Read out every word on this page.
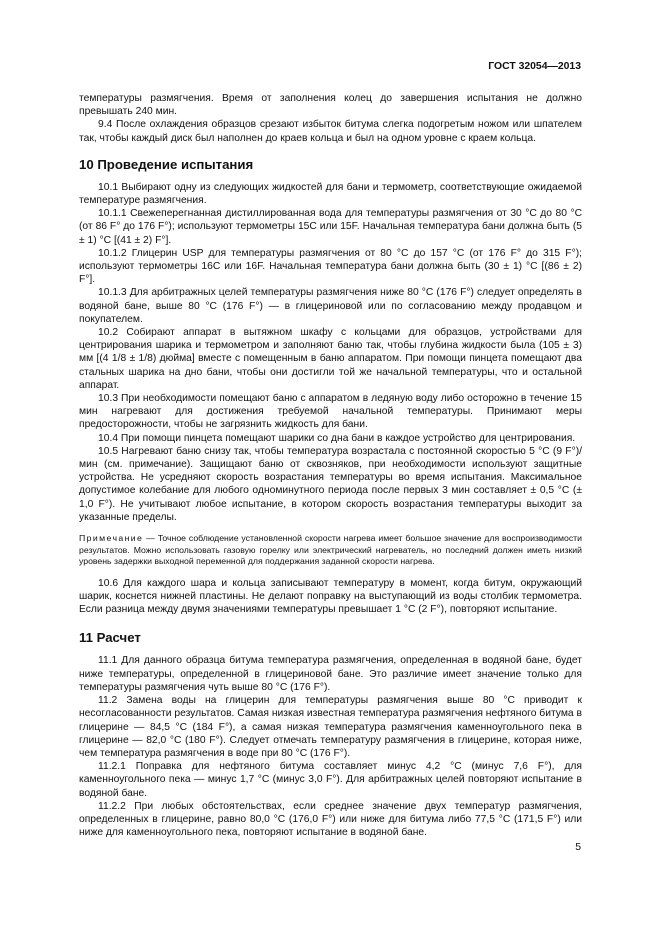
ГОСТ 32054—2013

температуры размягчения. Время от заполнения колец до завершения испытания не должно превышать 240 мин.

9.4 После охлаждения образцов срезают избыток битума слегка подогретым ножом или шпателем так, чтобы каждый диск был наполнен до краев кольца и был на одном уровне с краем кольца.

10 Проведение испытания

10.1 Выбирают одну из следующих жидкостей для бани и термометр, соответствующие ожидаемой температуре размягчения.

10.1.1 Свежеперегнанная дистиллированная вода для температуры размягчения от 30 °С до 80 °С (от 86 F° до 176 F°); используют термометры 15С или 15F. Начальная температура бани должна быть (5 ± 1) °С [(41 ± 2) F°].

10.1.2 Глицерин USP для температуры размягчения от 80 °С до 157 °С (от 176 F° до 315 F°); используют термометры 16С или 16F. Начальная температура бани должна быть (30 ± 1) °С [(86 ± 2) F°].

10.1.3 Для арбитражных целей температуры размягчения ниже 80 °С (176 F°) следует определять в водяной бане, выше 80 °С (176 F°) — в глицериновой или по согласованию между продавцом и покупателем.

10.2 Собирают аппарат в вытяжном шкафу с кольцами для образцов, устройствами для центрирования шарика и термометром и заполняют баню так, чтобы глубина жидкости была (105 ± 3) мм [(4 1/8 ± 1/8) дюйма] вместе с помещенным в баню аппаратом. При помощи пинцета помещают два стальных шарика на дно бани, чтобы они достигли той же начальной температуры, что и остальной аппарат.

10.3 При необходимости помещают баню с аппаратом в ледяную воду либо осторожно в течение 15 мин нагревают для достижения требуемой начальной температуры. Принимают меры предосторожности, чтобы не загрязнить жидкость для бани.

10.4 При помощи пинцета помещают шарики со дна бани в каждое устройство для центрирования.

10.5 Нагревают баню снизу так, чтобы температура возрастала с постоянной скоростью 5 °С (9 F°)/мин (см. примечание). Защищают баню от сквозняков, при необходимости используют защитные устройства. Не усредняют скорость возрастания температуры во время испытания. Максимальное допустимое колебание для любого одноминутного периода после первых 3 мин составляет ± 0,5 °С (± 1,0 F°). Не учитывают любое испытание, в котором скорость возрастания температуры выходит за указанные пределы.

Примечание — Точное соблюдение установленной скорости нагрева имеет большое значение для воспроизводимости результатов. Можно использовать газовую горелку или электрический нагреватель, но последний должен иметь низкий уровень задержки выходной переменной для поддержания заданной скорости нагрева.

10.6 Для каждого шара и кольца записывают температуру в момент, когда битум, окружающий шарик, коснется нижней пластины. Не делают поправку на выступающий из воды столбик термометра. Если разница между двумя значениями температуры превышает 1 °С (2 F°), повторяют испытание.

11 Расчет

11.1 Для данного образца битума температура размягчения, определенная в водяной бане, будет ниже температуры, определенной в глицериновой бане. Это различие имеет значение только для температуры размягчения чуть выше 80 °С (176 F°).

11.2 Замена воды на глицерин для температуры размягчения выше 80 °С приводит к несогласованности результатов. Самая низкая известная температура размягчения нефтяного битума в глицерине — 84,5 °С (184 F°), а самая низкая температура размягчения каменноугольного пека в глицерине — 82,0 °С (180 F°). Следует отмечать температуру размягчения в глицерине, которая ниже, чем температура размягчения в воде при 80 °С (176 F°).

11.2.1 Поправка для нефтяного битума составляет минус 4,2 °С (минус 7,6 F°), для каменноугольного пека — минус 1,7 °С (минус 3,0 F°). Для арбитражных целей повторяют испытание в водяной бане.

11.2.2 При любых обстоятельствах, если среднее значение двух температур размягчения, определенных в глицерине, равно 80,0 °С (176,0 F°) или ниже для битума либо 77,5 °С (171,5 F°) или ниже для каменноугольного пека, повторяют испытание в водяной бане.

5
